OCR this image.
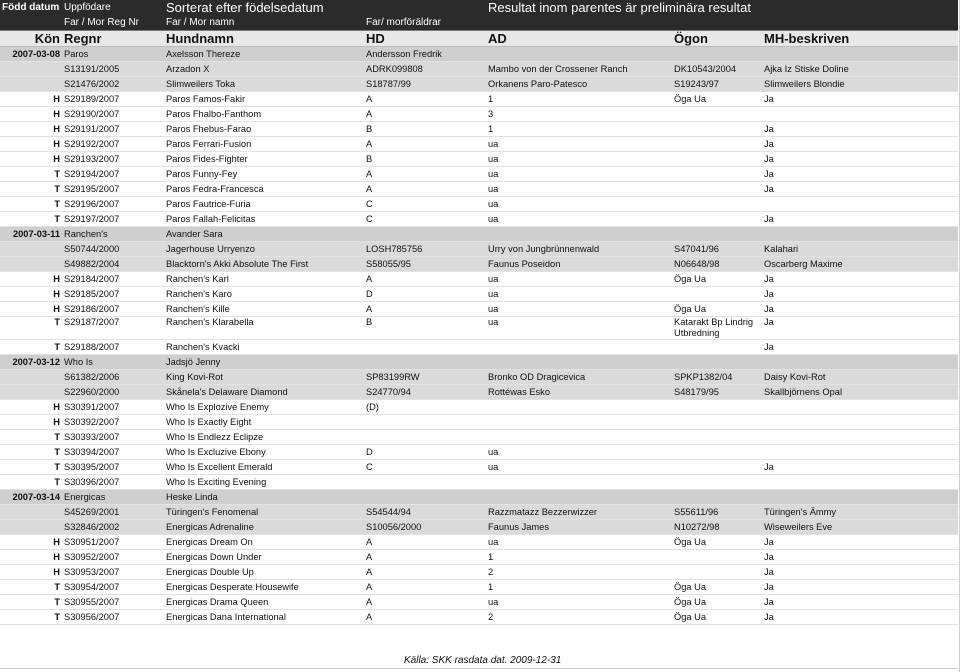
Född datum	Uppfödare	Sorterat efter födelsedatum		Resultat inom parentes är preliminära resultat		
	Far / Mor Reg Nr	Far / Mor namn	Far/ morföräldrar			
Kön	Regnr	Hundnamn	HD	AD	Ögon	MH-beskriven
2007-03-08	Paros	Axelsson Thereze	Andersson Fredrik			
	S13191/2005	Arzadon X	ADRK099808	Mambo von der Crossener Ranch	DK10543/2004	Ajka Iz Stiske Doline
	S21476/2002	Slimweilers Toka	S18787/99	Orkanens Paro-Patesco	S19243/97	Slimweilers Blondie
H	S29189/2007	Paros Famos-Fakir	A	1	Öga Ua	Ja
H	S29190/2007	Paros Fhalbo-Fanthom	A	3		
H	S29191/2007	Paros Fhebus-Farao	B	1		Ja
H	S29192/2007	Paros Ferrari-Fusion	A	ua		Ja
H	S29193/2007	Paros Fides-Fighter	B	ua		Ja
T	S29194/2007	Paros Funny-Fey	A	ua		Ja
T	S29195/2007	Paros Fedra-Francesca	A	ua		Ja
T	S29196/2007	Paros Fautrice-Furia	C	ua		
T	S29197/2007	Paros Fallah-Felicitas	C	ua		Ja
2007-03-11	Ranchen's	Avander Sara				
	S50744/2000	Jagerhouse Urryenzo	LOSH785756	Urry von Jungbrünnenwald	S47041/96	Kalahari
	S49882/2004	Blacktorn's Akki Absolute The First	S58055/95	Faunus Poseidon	N06648/98	Oscarberg Maxime
H	S29184/2007	Ranchen's Karl	A	ua	Öga Ua	Ja
H	S29185/2007	Ranchen's Karo	D	ua		Ja
H	S29186/2007	Ranchen's Kille	A	ua	Öga Ua	Ja
T	S29187/2007	Ranchen's Klarabella	B	ua	Katarakt Bp Lindrig Utbredning	Ja
T	S29188/2007	Ranchen's Kvacki				Ja
2007-03-12	Who Is	Jadsjö Jenny				
	S61382/2006	King Kovi-Rot	SP83199RW	Bronko OD Dragicevica	SPKP1382/04	Daisy Kovi-Rot
	S22960/2000	Skånela's Delaware Diamond	S24770/94	Rottéwas Esko	S48179/95	Skallbjörnens Opal
H	S30391/2007	Who Is Explozive Enemy	(D)			
H	S30392/2007	Who Is Exactly Eight				
T	S30393/2007	Who Is Endlezz Eclipze				
T	S30394/2007	Who Is Excluzive Ebony	D	ua		
T	S30395/2007	Who Is Excellent Emerald	C	ua		Ja
T	S30396/2007	Who Is Exciting Evening				
2007-03-14	Energicas	Heske Linda				
	S45269/2001	Türingen's Fenomenal	S54544/94	Razzmatazz Bezzerwizzer	S55611/96	Türingen's Ämmy
	S32846/2002	Energicas Adrenaline	S10056/2000	Faunus James	N10272/98	Wiseweilers Eve
H	S30951/2007	Energicas Dream On	A	ua	Öga Ua	Ja
H	S30952/2007	Energicas Down Under	A	1		Ja
H	S30953/2007	Energicas Double Up	A	2		Ja
T	S30954/2007	Energicas Desperate Housewife	A	1	Öga Ua	Ja
T	S30955/2007	Energicas Drama Queen	A	ua	Öga Ua	Ja
T	S30956/2007	Energicas Dana International	A	2	Öga Ua	Ja
Källa: SKK rasdata dat. 2009-12-31
